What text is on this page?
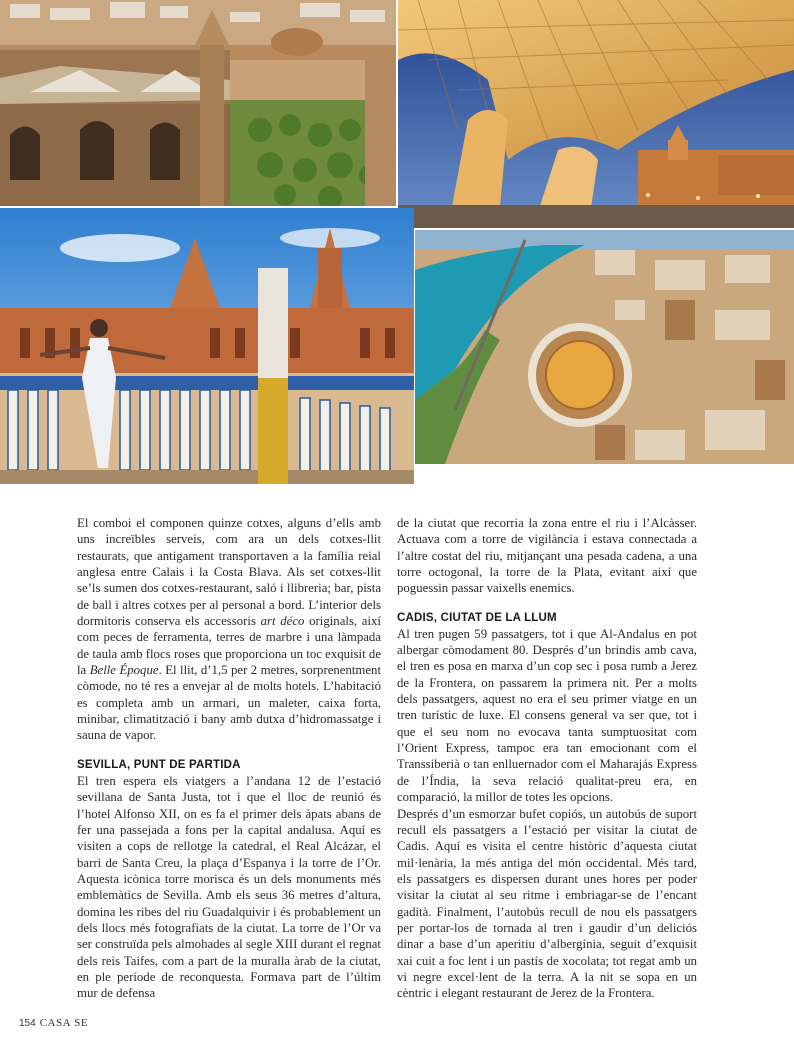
El comboi el componen quinze cotxes, alguns d’ells amb uns increïbles serveis, com ara un dels cotxes-llit restaurats, que antigament transportaven a la família reial anglesa entre Calais i la Costa Blava. Als set cotxes-llit se’ls sumen dos cotxes-restaurant, saló i llibreria; bar, pista de ball i altres cotxes per al personal a bord. L’interior dels dormitoris conserva els accessoris art déco originals, així com peces de ferramenta, terres de marbre i una làmpada de taula amb flocs roses que proporciona un toc exquisit de la Belle Époque. El llit, d’1,5 per 2 metres, sorprenentment còmode, no té res a envejar al de molts hotels. L’habitació es completa amb un armari, un maleter, caixa forta, minibar, climatització i bany amb dutxa d’hidromassatge i sauna de vapor.

SEVILLA, PUNT DE PARTIDA

El tren espera els viatgers a l’andana 12 de l’estació sevillana de Santa Justa, tot i que el lloc de reunió és l’hotel Alfonso XII, on es fa el primer dels àpats abans de fer una passejada a fons per la capital andalusa. Aquí es visiten a cops de rellotge la catedral, el Real Alcázar, el barri de Santa Creu, la plaça d’Espanya i la torre de l’Or. Aquesta icònica torre morisca és un dels monuments més emblemàtics de Sevilla. Amb els seus 36 metres d’altura, domina les ribes del riu Guadalquivir i és probablement un dels llocs més fotografiats de la ciutat. La torre de l’Or va ser construïda pels almohades al segle XIII durant el regnat dels reis Taifes, com a part de la muralla àrab de la ciutat, en ple període de reconquesta. Formava part de l’últim mur de defensa

de la ciutat que recorria la zona entre el riu i l’Alcàsser. Actuava com a torre de vigilància i estava connectada a l’altre costat del riu, mitjançant una pesada cadena, a una torre octogonal, la torre de la Plata, evitant així que poguessin passar vaixells enemics.

CADIS, CIUTAT DE LA LLUM

Al tren pugen 59 passatgers, tot i que Al-Andalus en pot albergar còmodament 80. Després d’un brindis amb cava, el tren es posa en marxa d’un cop sec i posa rumb a Jerez de la Frontera, on passarem la primera nit. Per a molts dels passatgers, aquest no era el seu primer viatge en un tren turístic de luxe. El consens general va ser que, tot i que el seu nom no evocava tanta sumptuositat com l’Orient Express, tampoc era tan emocionant com el Transsiberià o tan enlluernador com el Maharajás Express de l’Índia, la seva relació qualitat-preu era, en comparació, la millor de totes les opcions.

Després d’un esmorzar bufet copiós, un autobús de suport recull els passatgers a l’estació per visitar la ciutat de Cadis. Aquí es visita el centre històric d’aquesta ciutat mil·lenària, la més antiga del món occidental. Més tard, els passatgers es dispersen durant unes hores per poder visitar la ciutat al seu ritme i embriagar-se de l’encant gadità. Finalment, l’autobús recull de nou els passatgers per portar-los de tornada al tren i gaudir d’un deliciós dinar a base d’un aperitiu d’albergínia, seguit d’exquisit xai cuit a foc lent i un pastís de xocolata; tot regat amb un vi negre excel·lent de la terra. A la nit se sopa en un cèntric i elegant restaurant de Jerez de la Frontera.

154 CASA SE
